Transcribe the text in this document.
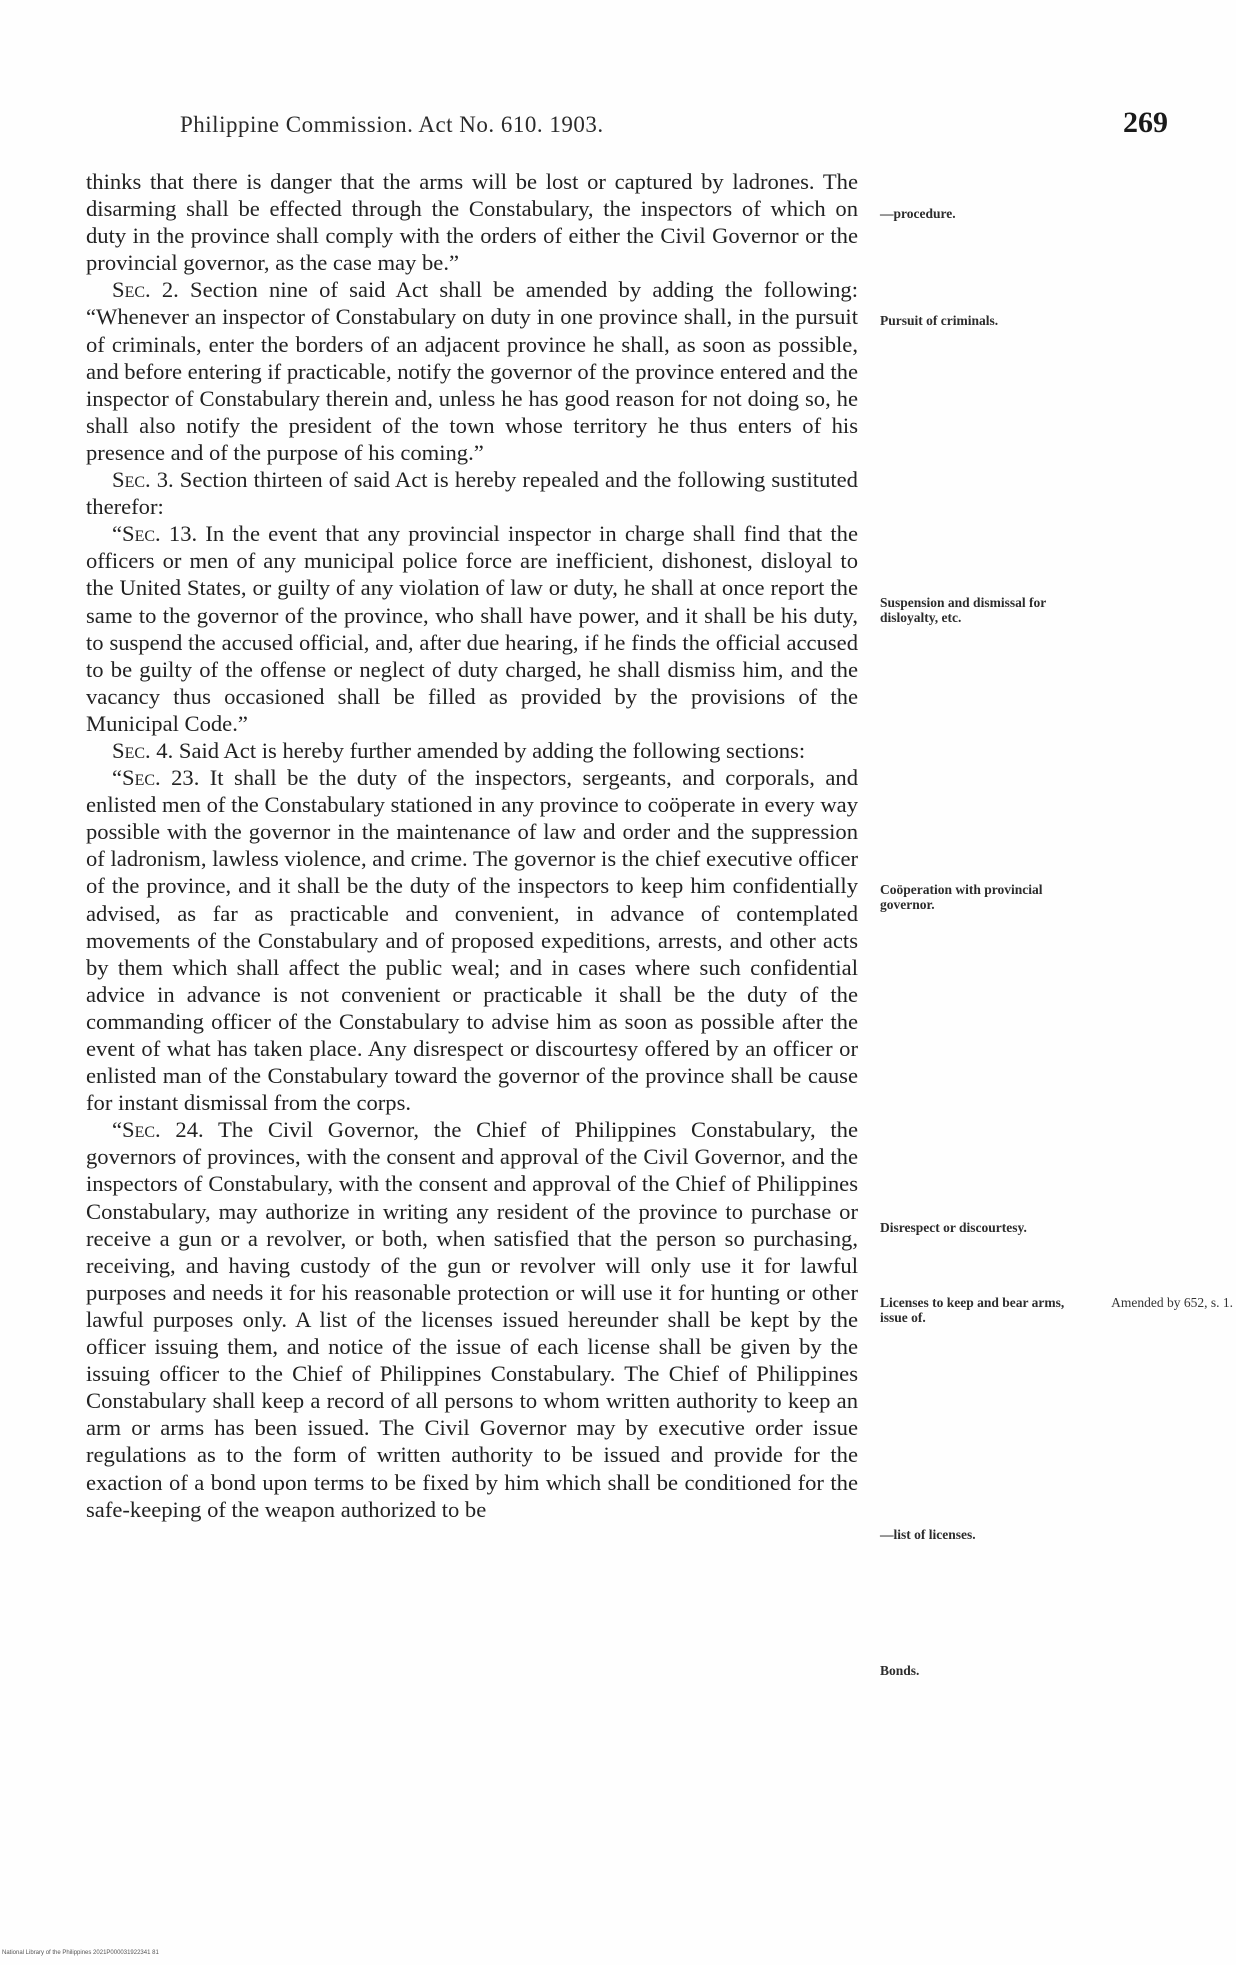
Philippine Commission. Act No. 610. 1903.	269

thinks that there is danger that the arms will be lost or captured by ladrones. The disarming shall be effected through the Constabulary, the inspectors of which on duty in the province shall comply with the orders of either the Civil Governor or the provincial governor, as the case may be.”

Sec. 2. Section nine of said Act shall be amended by adding the following: “Whenever an inspector of Constabulary on duty in one province shall, in the pursuit of criminals, enter the borders of an adjacent province he shall, as soon as possible, and before entering if practicable, notify the governor of the province entered and the inspector of Constabulary therein and, unless he has good reason for not doing so, he shall also notify the president of the town whose territory he thus enters of his presence and of the purpose of his coming.”

Sec. 3. Section thirteen of said Act is hereby repealed and the following sustituted therefor:

“Sec. 13. In the event that any provincial inspector in charge shall find that the officers or men of any municipal police force are inefficient, dishonest, disloyal to the United States, or guilty of any violation of law or duty, he shall at once report the same to the governor of the province, who shall have power, and it shall be his duty, to suspend the accused official, and, after due hearing, if he finds the official accused to be guilty of the offense or neglect of duty charged, he shall dismiss him, and the vacancy thus occasioned shall be filled as provided by the provisions of the Municipal Code.”

Sec. 4. Said Act is hereby further amended by adding the following sections:

“Sec. 23. It shall be the duty of the inspectors, sergeants, and corporals, and enlisted men of the Constabulary stationed in any province to coöperate in every way possible with the governor in the maintenance of law and order and the suppression of ladronism, lawless violence, and crime. The governor is the chief executive officer of the province, and it shall be the duty of the inspectors to keep him confidentially advised, as far as practicable and convenient, in advance of contemplated movements of the Constabulary and of proposed expeditions, arrests, and other acts by them which shall affect the public weal; and in cases where such confidential advice in advance is not convenient or practicable it shall be the duty of the commanding officer of the Constabulary to advise him as soon as possible after the event of what has taken place. Any disrespect or discourtesy offered by an officer or enlisted man of the Constabulary toward the governor of the province shall be cause for instant dismissal from the corps.

“Sec. 24. The Civil Governor, the Chief of Philippines Constabulary, the governors of provinces, with the consent and approval of the Civil Governor, and the inspectors of Constabulary, with the consent and approval of the Chief of Philippines Constabulary, may authorize in writing any resident of the province to purchase or receive a gun or a revolver, or both, when satisfied that the person so purchasing, receiving, and having custody of the gun or revolver will only use it for lawful purposes and needs it for his reasonable protection or will use it for hunting or other lawful purposes only. A list of the licenses issued hereunder shall be kept by the officer issuing them, and notice of the issue of each license shall be given by the issuing officer to the Chief of Philippines Constabulary. The Chief of Philippines Constabulary shall keep a record of all persons to whom written authority to keep an arm or arms has been issued. The Civil Governor may by executive order issue regulations as to the form of written authority to be issued and provide for the exaction of a bond upon terms to be fixed by him which shall be conditioned for the safe-keeping of the weapon authorized to be

—procedure.
Pursuit of criminals.
Suspension and dismissal for disloyalty, etc.
Coöperation with provincial governor.
Disrespect or discourtesy.
Licenses to keep and bear arms, issue of.
Amended by 652, s. 1.
—list of licenses.
Bonds.
National Library of the Philippines 2021P000031922341 81
